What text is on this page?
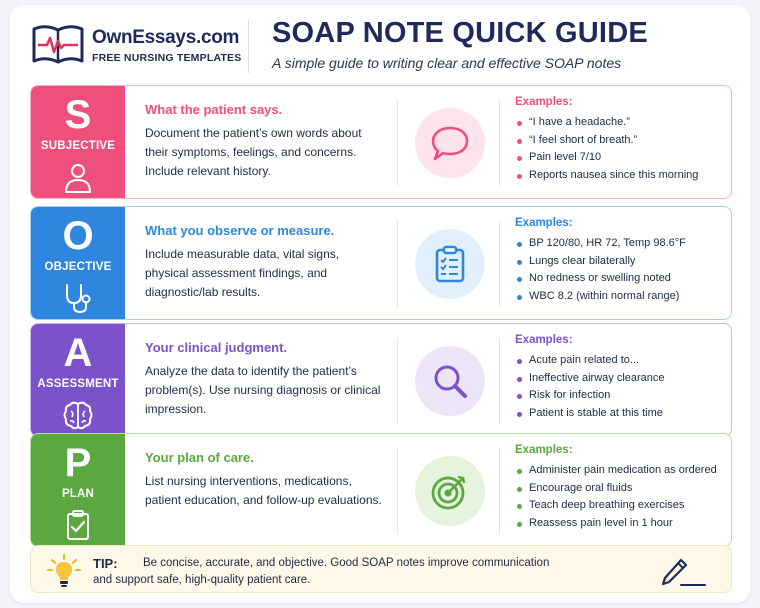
OwnEssays.com
FREE NURSING TEMPLATES
SOAP NOTE QUICK GUIDE
A simple guide to writing clear and effective SOAP notes
S
SUBJECTIVE
What the patient says.
Document the patient’s own words about their symptoms, feelings, and concerns. Include relevant history.
Examples:
“I have a headache.”
“I feel short of breath.”
Pain level 7/10
Reports nausea since this morning
O
OBJECTIVE
What you observe or measure.
Include measurable data, vital signs, physical assessment findings, and diagnostic/lab results.
Examples:
BP 120/80, HR 72, Temp 98.6°F
Lungs clear bilaterally
No redness or swelling noted
WBC 8.2 (within normal range)
A
ASSESSMENT
Your clinical judgment.
Analyze the data to identify the patient’s problem(s). Use nursing diagnosis or clinical impression.
Examples:
Acute pain related to...
Ineffective airway clearance
Risk for infection
Patient is stable at this time
P
PLAN
Your plan of care.
List nursing interventions, medications, patient education, and follow-up evaluations.
Examples:
Administer pain medication as ordered
Encourage oral fluids
Teach deep breathing exercises
Reassess pain level in 1 hour
TIP: Be concise, accurate, and objective. Good SOAP notes improve communication
and support safe, high-quality patient care.
